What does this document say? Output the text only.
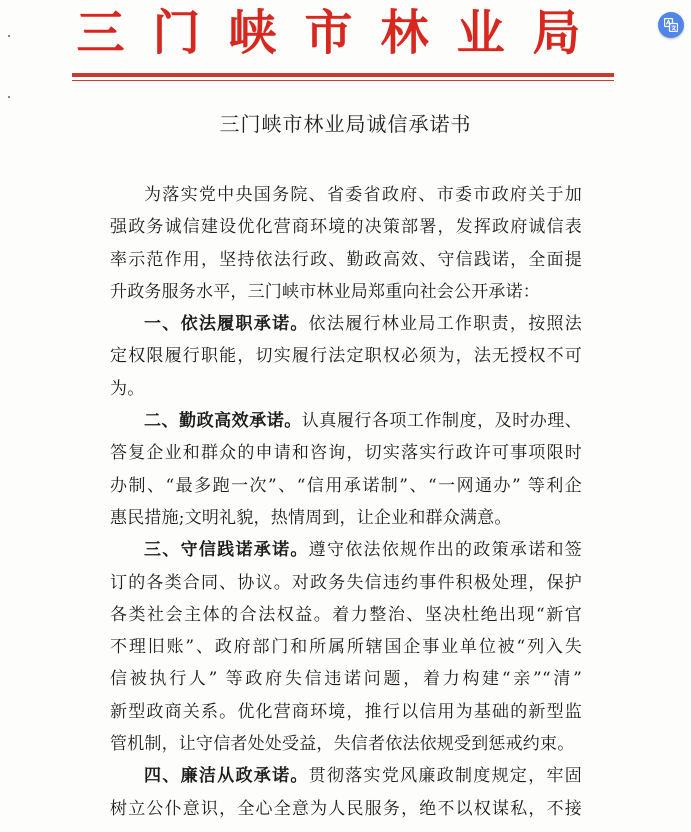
三门峡市林业局
三门峡市林业局诚信承诺书
为落实党中央国务院、省委省政府、市委市政府关于加
强政务诚信建设优化营商环境的决策部署，发挥政府诚信表
率示范作用，坚持依法行政、勤政高效、守信践诺，全面提
升政务服务水平，三门峡市林业局郑重向社会公开承诺：
一、依法履职承诺。依法履行林业局工作职责，按照法
定权限履行职能，切实履行法定职权必须为，法无授权不可
为。
二、勤政高效承诺。认真履行各项工作制度，及时办理、
答复企业和群众的申请和咨询，切实落实行政许可事项限时
办制、“最多跑一次”、“信用承诺制”、“一网通办” 等利企
惠民措施;文明礼貌，热情周到，让企业和群众满意。
三、守信践诺承诺。遵守依法依规作出的政策承诺和签
订的各类合同、协议。对政务失信违约事件积极处理，保护
各类社会主体的合法权益。着力整治、坚决杜绝出现“新官
不理旧账”、政府部门和所属所辖国企事业单位被“列入失
信被执行人” 等政府失信违诺问题，着力构建“亲”“清”
新型政商关系。优化营商环境，推行以信用为基础的新型监
管机制，让守信者处处受益，失信者依法依规受到惩戒约束。
四、廉洁从政承诺。贯彻落实党风廉政制度规定，牢固
树立公仆意识，全心全意为人民服务，绝不以权谋私，不接
